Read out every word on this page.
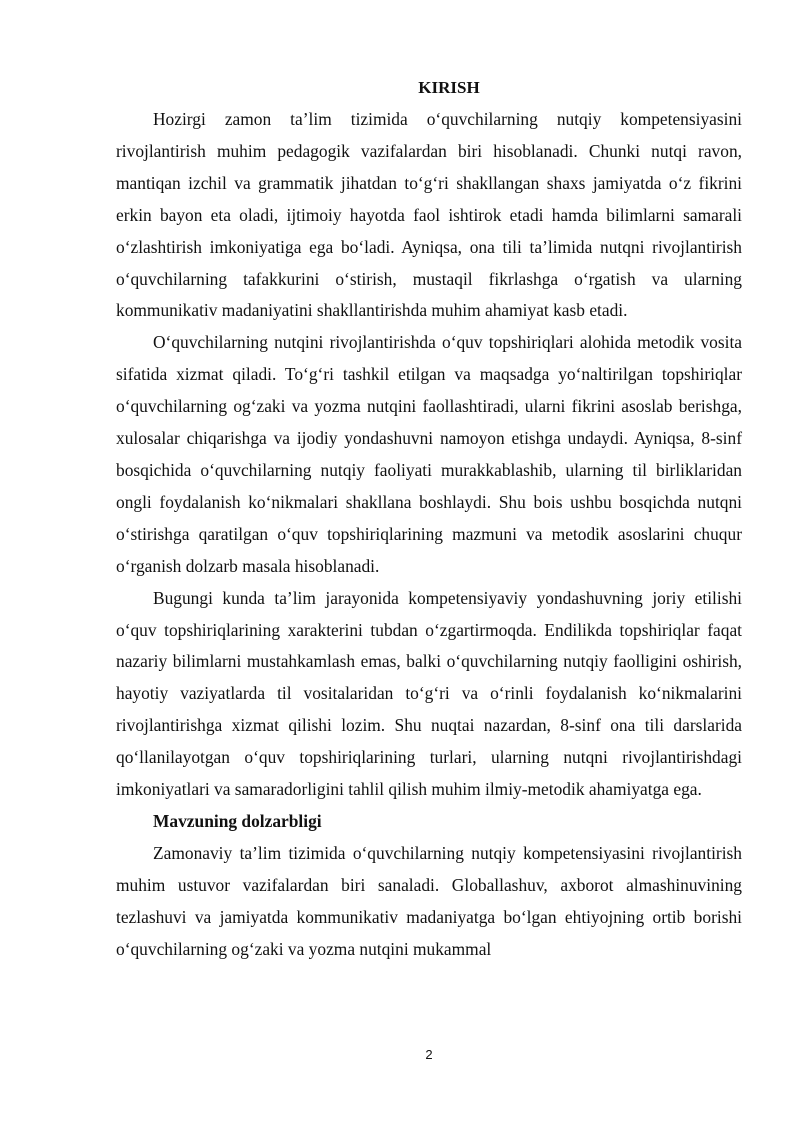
KIRISH

Hozirgi zamon ta’lim tizimida o‘quvchilarning nutqiy kompetensiyasini rivojlantirish muhim pedagogik vazifalardan biri hisoblanadi. Chunki nutqi ravon, mantiqan izchil va grammatik jihatdan to‘g‘ri shakllangan shaxs jamiyatda o‘z fikrini erkin bayon eta oladi, ijtimoiy hayotda faol ishtirok etadi hamda bilimlarni samarali o‘zlashtirish imkoniyatiga ega bo‘ladi. Ayniqsa, ona tili ta’limida nutqni rivojlantirish o‘quvchilarning tafakkurini o‘stirish, mustaqil fikrlashga o‘rgatish va ularning kommunikativ madaniyatini shakllantirishda muhim ahamiyat kasb etadi.

O‘quvchilarning nutqini rivojlantirishda o‘quv topshiriqlari alohida metodik vosita sifatida xizmat qiladi. To‘g‘ri tashkil etilgan va maqsadga yo‘naltirilgan topshiriqlar o‘quvchilarning og‘zaki va yozma nutqini faollashtiradi, ularni fikrini asoslab berishga, xulosalar chiqarishga va ijodiy yondashuvni namoyon etishga undaydi. Ayniqsa, 8-sinf bosqichida o‘quvchilarning nutqiy faoliyati murakkablashib, ularning til birliklaridan ongli foydalanish ko‘nikmalari shakllana boshlaydi. Shu bois ushbu bosqichda nutqni o‘stirishga qaratilgan o‘quv topshiriqlarining mazmuni va metodik asoslarini chuqur o‘rganish dolzarb masala hisoblanadi.

Bugungi kunda ta’lim jarayonida kompetensiyaviy yondashuvning joriy etilishi o‘quv topshiriqlarining xarakterini tubdan o‘zgartirmoqda. Endilikda topshiriqlar faqat nazariy bilimlarni mustahkamlash emas, balki o‘quvchilarning nutqiy faolligini oshirish, hayotiy vaziyatlarda til vositalaridan to‘g‘ri va o‘rinli foydalanish ko‘nikmalarini rivojlantirishga xizmat qilishi lozim. Shu nuqtai nazardan, 8-sinf ona tili darslarida qo‘llanilayotgan o‘quv topshiriqlarining turlari, ularning nutqni rivojlantirishdagi imkoniyatlari va samaradorligini tahlil qilish muhim ilmiy-metodik ahamiyatga ega.

Mavzuning dolzarbligi

Zamonaviy ta’lim tizimida o‘quvchilarning nutqiy kompetensiyasini rivojlantirish muhim ustuvor vazifalardan biri sanaladi. Globallashuv, axborot almashinuvining tezlashuvi va jamiyatda kommunikativ madaniyatga bo‘lgan ehtiyojning ortib borishi o‘quvchilarning og‘zaki va yozma nutqini mukammal

2
